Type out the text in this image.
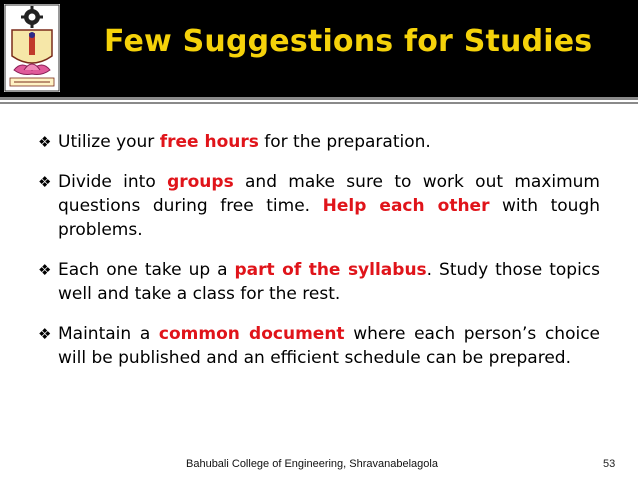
Few Suggestions for Studies

❖ Utilize your free hours for the preparation.

❖ Divide into groups and make sure to work out maximum questions during free time. Help each other with tough problems.

❖ Each one take up a part of the syllabus. Study those topics well and take a class for the rest.

❖ Maintain a common document where each person’s choice will be published and an efficient schedule can be prepared.

Bahubali College of Engineering, Shravanabelagola	53
